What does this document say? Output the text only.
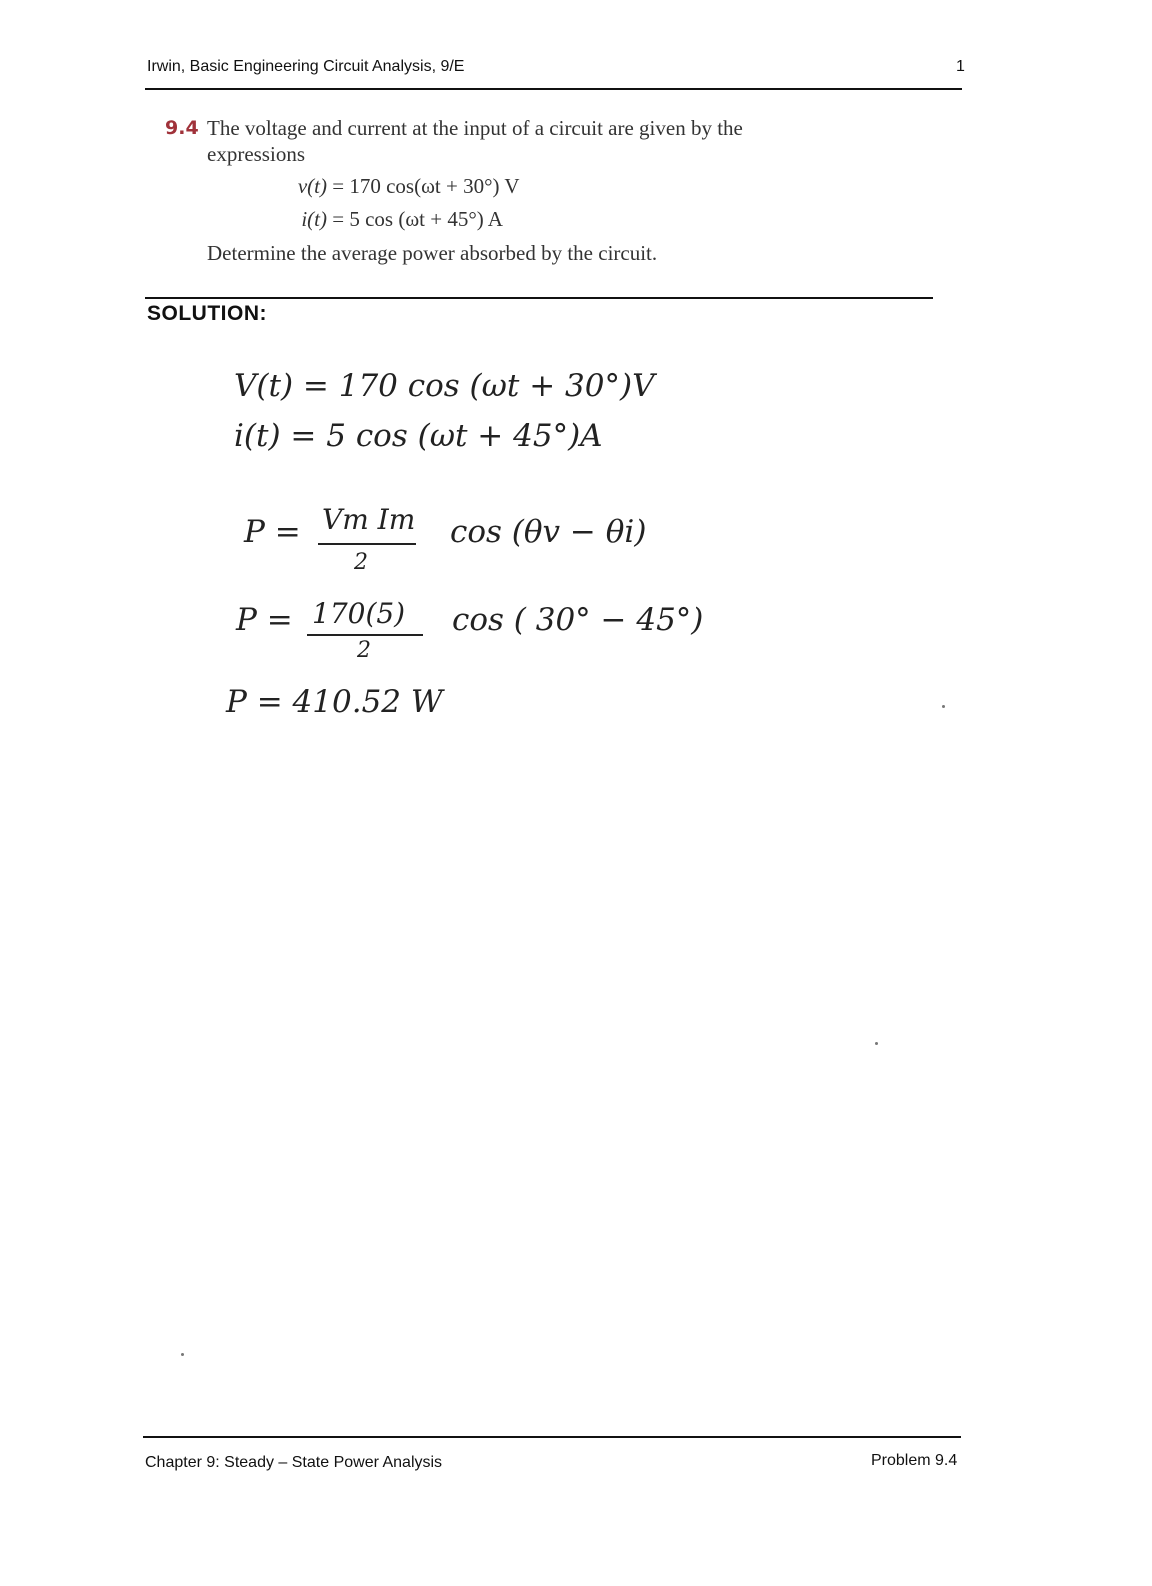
Irwin, Basic Engineering Circuit Analysis, 9/E	1
9.4 The voltage and current at the input of a circuit are given by the expressions
v(t) = 170 cos(ωt + 30°) V
i(t) = 5 cos (ωt + 45°) A
Determine the average power absorbed by the circuit.
SOLUTION:
V(t) = 170 cos (ωt + 30°)V
i(t) = 5 cos (ωt + 45°)A
P = Vm Im
2
cos (θv − θi)
P = 170(5)
2
cos ( 30° − 45°)
P = 410.52 W
Chapter 9: Steady – State Power Analysis	Problem 9.4
